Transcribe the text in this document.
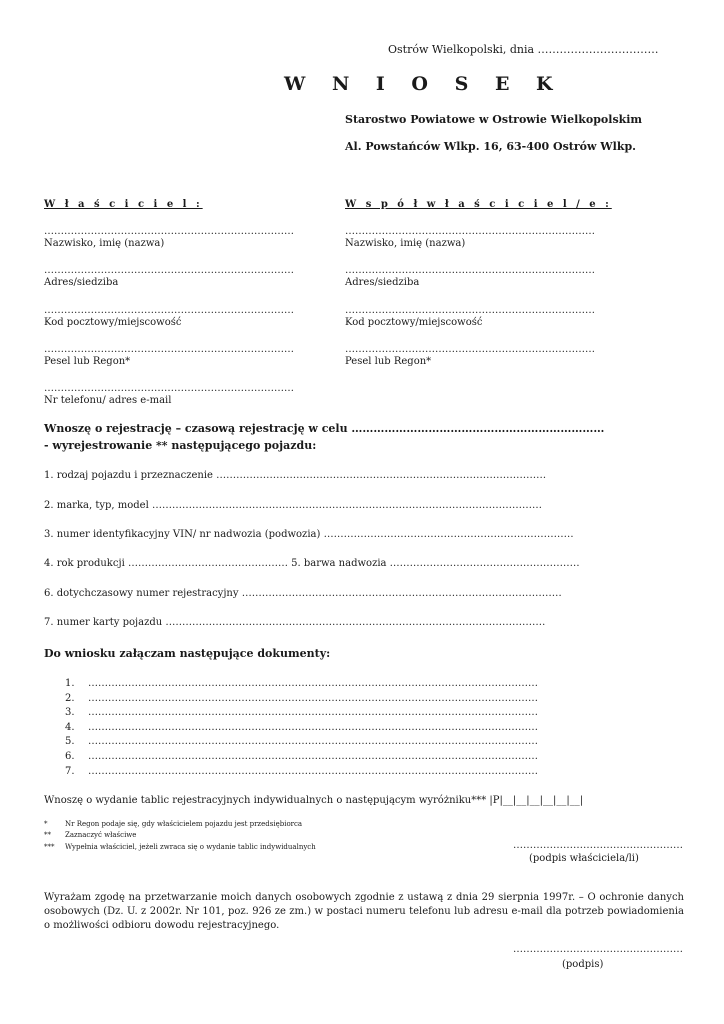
Ostrów Wielkopolski, dnia ……………………………
W N I O S E K
Starostwo Powiatowe w Ostrowie Wielkopolskim
Al. Powstańców Wlkp. 16, 63-400 Ostrów Wlkp.
W ł a ś c i c i e l :
…………………………………………………………………
Nazwisko, imię (nazwa)
…………………………………………………………………
Adres/siedziba
…………………………………………………………………
Kod pocztowy/miejscowość
…………………………………………………………………
Pesel lub Regon*
…………………………………………………………………
Nr telefonu/ adres e-mail
W s p ó ł w ł a ś c i c i e l / e :
…………………………………………………………………
Nazwisko, imię (nazwa)
…………………………………………………………………
Adres/siedziba
…………………………………………………………………
Kod pocztowy/miejscowość
…………………………………………………………………
Pesel lub Regon*
Wnoszę o rejestrację – czasową rejestrację w celu ……………………………………………………………
- wyrejestrowanie ** następującego pojazdu:
1. rodzaj pojazdu i przeznaczenie ………………………………………………………………………………………
2. marka, typ, model ………………………………………………………………………………………………………
3. numer identyfikacyjny VIN/ nr nadwozia (podwozia) …………………………………………………………………
4. rok produkcji ………………………………………… 5. barwa nadwozia …………………………………………………
6. dotychczasowy numer rejestracyjny ……………………………………………………………………………………
7. numer karty pojazdu ……………………………………………………………………………………………………
Do wniosku załączam następujące dokumenty:
1. ………………………………………………………………………………………………………………………
2. ………………………………………………………………………………………………………………………
3. ………………………………………………………………………………………………………………………
4. ………………………………………………………………………………………………………………………
5. ………………………………………………………………………………………………………………………
6. ………………………………………………………………………………………………………………………
7. ………………………………………………………………………………………………………………………
Wnoszę o wydanie tablic rejestracyjnych indywidualnych o następującym wyróżniku*** |P|__|__|__|__|__|__|
*	Nr Regon podaje się, gdy właścicielem pojazdu jest przedsiębiorca
** Zaznaczyć właściwe
*** Wypełnia właściciel, jeżeli zwraca się o wydanie tablic indywidualnych	……………………………………………
(podpis właściciela/li)
Wyrażam zgodę na przetwarzanie moich danych osobowych zgodnie z ustawą z dnia 29 sierpnia 1997r. – O ochronie danych osobowych (Dz. U. z 2002r. Nr 101, poz. 926 ze zm.) w postaci numeru telefonu lub adresu e-mail dla potrzeb powiadomienia o możliwości odbioru dowodu rejestracyjnego.
……………………………………………
(podpis)
